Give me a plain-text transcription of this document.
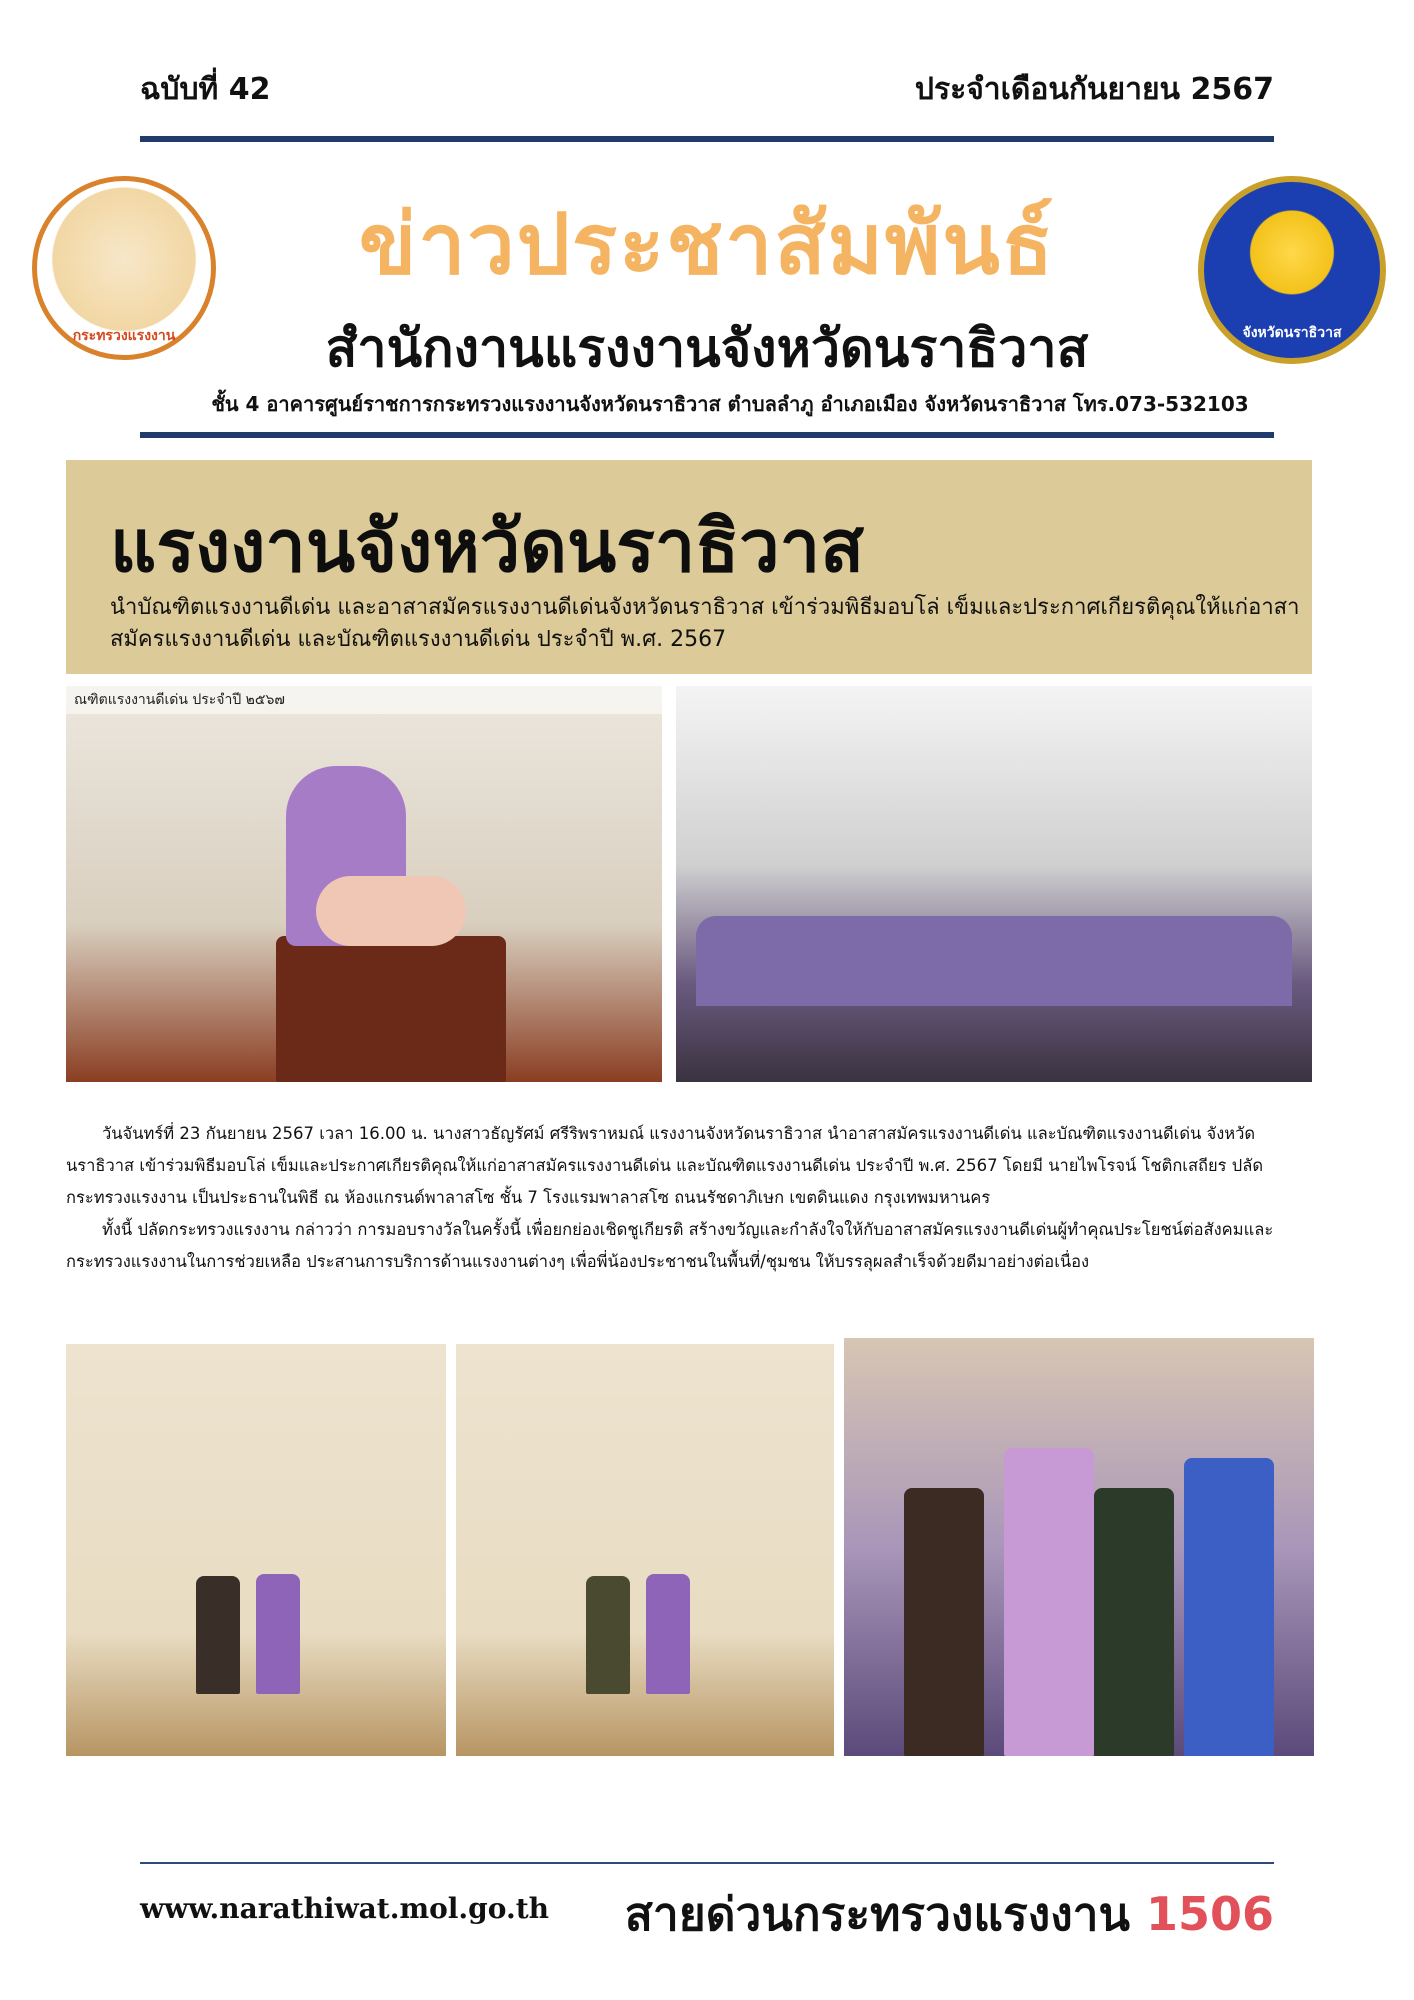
ฉบับที่ 42	ประจำเดือนกันยายน 2567
กระทรวงแรงงาน
ข่าวประชาสัมพันธ์
สำนักงานแรงงานจังหวัดนราธิวาส	จังหวัดนราธิวาส
ชั้น 4 อาคารศูนย์ราชการกระทรวงแรงงานจังหวัดนราธิวาส ตำบลลำภู อำเภอเมือง จังหวัดนราธิวาส โทร.073-532103
แรงงานจังหวัดนราธิวาส
นำบัณฑิตแรงงานดีเด่น และอาสาสมัครแรงงานดีเด่นจังหวัดนราธิวาส เข้าร่วมพิธีมอบโล่ เข็มและประกาศเกียรติคุณให้แก่อาสาสมัครแรงงานดีเด่น และบัณฑิตแรงงานดีเด่น ประจำปี พ.ศ. 2567
ณฑิตแรงงานดีเด่น ประจำปี ๒๕๖๗

วันจันทร์ที่ 23 กันยายน 2567 เวลา 16.00 น. นางสาวธัญรัศม์ ศรีริพราหมณ์ แรงงานจังหวัดนราธิวาส นำอาสาสมัครแรงงานดีเด่น และบัณฑิตแรงงานดีเด่น จังหวัดนราธิวาส เข้าร่วมพิธีมอบโล่ เข็มและประกาศเกียรติคุณให้แก่อาสาสมัครแรงงานดีเด่น และบัณฑิตแรงงานดีเด่น ประจำปี พ.ศ. 2567 โดยมี นายไพโรจน์ โชติกเสถียร ปลัดกระทรวงแรงงาน เป็นประธานในพิธี ณ ห้องแกรนด์พาลาสโซ ชั้น 7 โรงแรมพาลาสโซ ถนนรัชดาภิเษก เขตดินแดง กรุงเทพมหานคร

ทั้งนี้ ปลัดกระทรวงแรงงาน กล่าวว่า การมอบรางวัลในครั้งนี้ เพื่อยกย่องเชิดชูเกียรติ สร้างขวัญและกำลังใจให้กับอาสาสมัครแรงงานดีเด่นผู้ทำคุณประโยชน์ต่อสังคมและกระทรวงแรงงานในการช่วยเหลือ ประสานการบริการด้านแรงงานต่างๆ เพื่อพี่น้องประชาชนในพื้นที่/ชุมชน ให้บรรลุผลสำเร็จด้วยดีมาอย่างต่อเนื่อง

www.narathiwat.mol.go.th สายด่วนกระทรวงแรงงาน 1506
